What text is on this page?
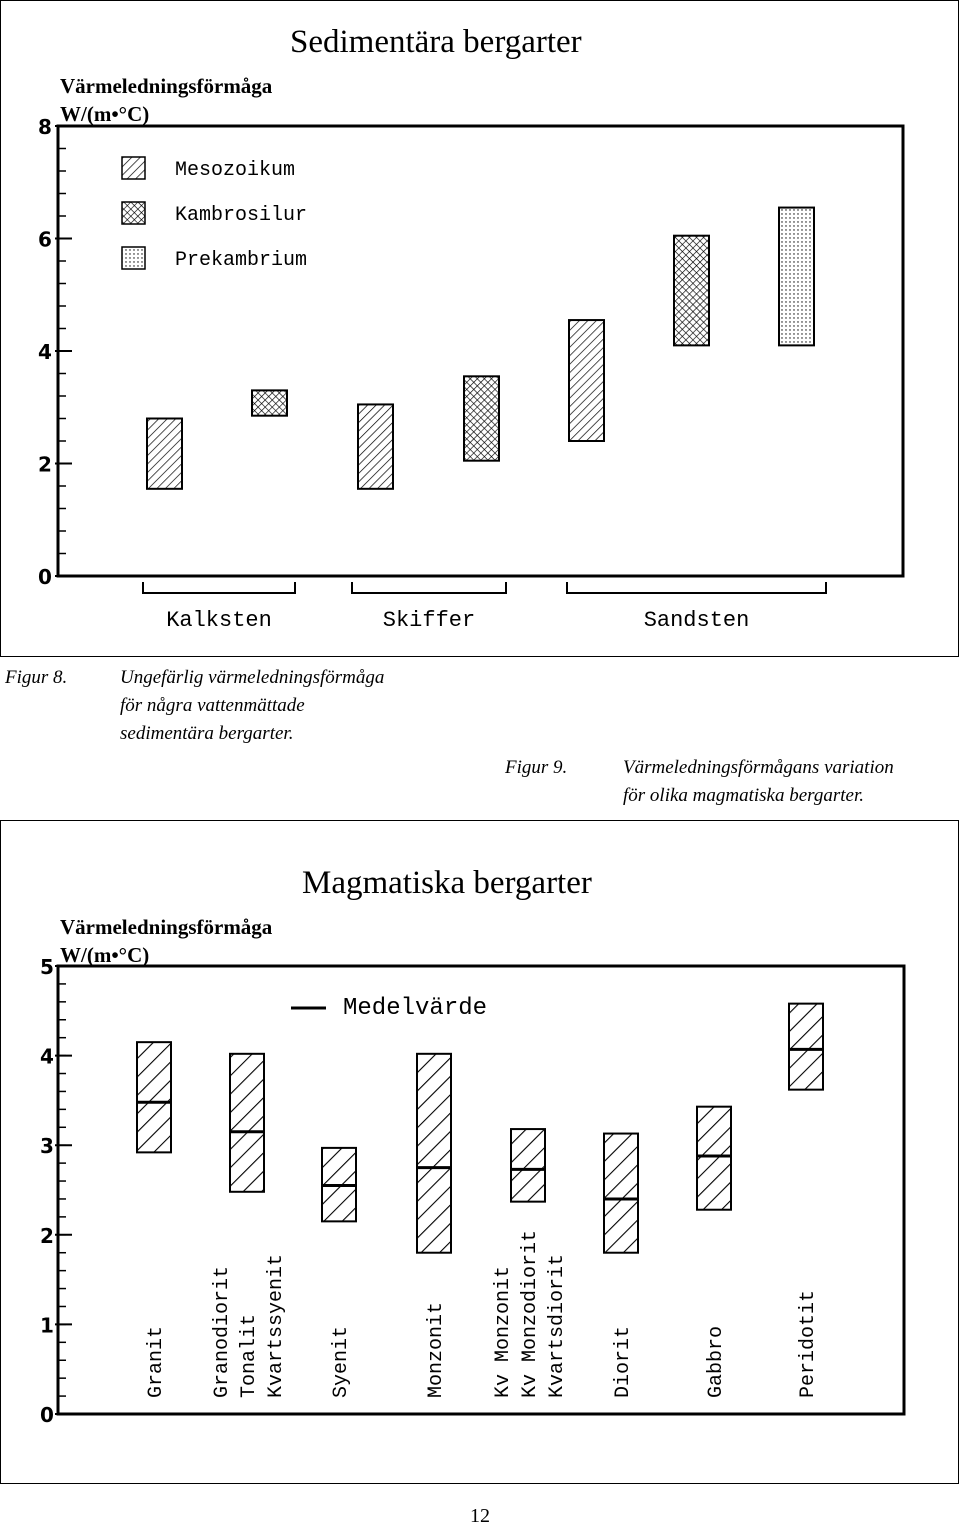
Sedimentära bergarter
Värmeledningsförmåga
W/(m•°C)
0
2
4
6
8
Mesozoikum
Kambrosilur
Prekambrium
Kalksten	Skiffer	Sandsten
Magmatiska bergarter
Värmeledningsförmåga
W/(m•°C)
0
1
2
3
4
5
Medelvärde
Granit Granodiorit Tonalit Kvartssyenit Syenit	Monzonit Kv Monzonit Kv Monzodiorit Kvartsdiorit Diorit	Gabbro	Peridotit
Figur 8.	Ungefärlig värmeledningsförmåga
för några vattenmättade
sedimentära bergarter.
Figur 9.	Värmeledningsförmågans variation
för olika magmatiska bergarter.
12
